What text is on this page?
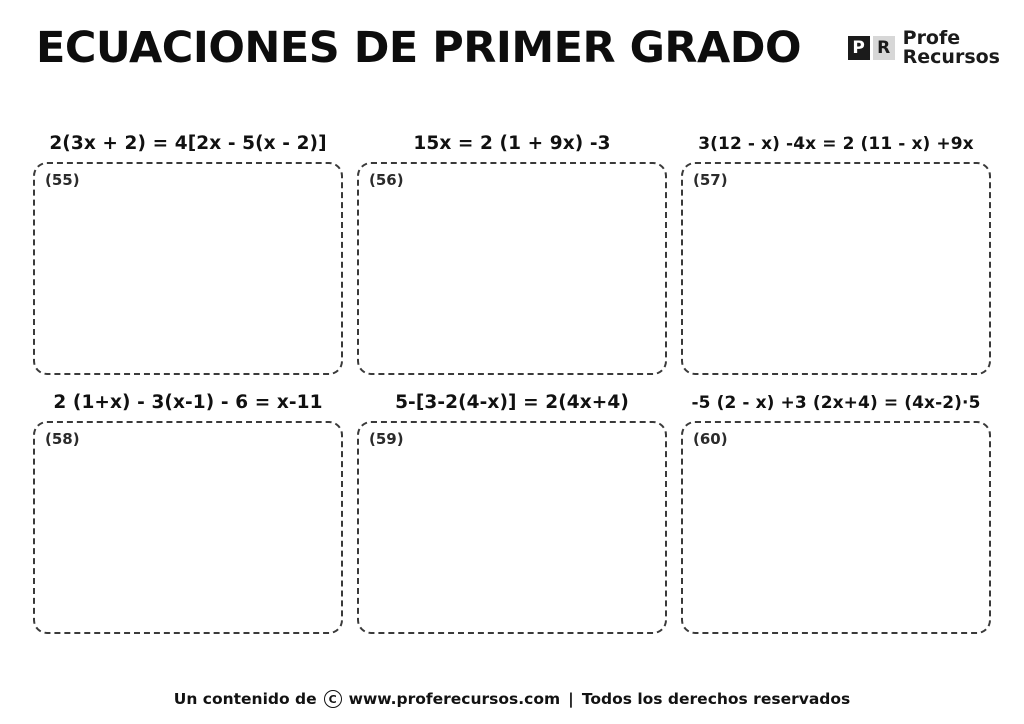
ECUACIONES DE PRIMER GRADO	P R Profe
Recursos
2(3x + 2) = 4[2x - 5(x - 2)]
(55)
15x = 2 (1 + 9x) -3
(56)
3(12 - x) -4x = 2 (11 - x) +9x
(57)
2 (1+x) - 3(x-1) - 6 = x-11
(58)
5-[3-2(4-x)] = 2(4x+4)
(59)
-5 (2 - x) +3 (2x+4) = (4x-2)·5
(60)
Un contenido de	C www.proferecursos.com | Todos los derechos reservados
